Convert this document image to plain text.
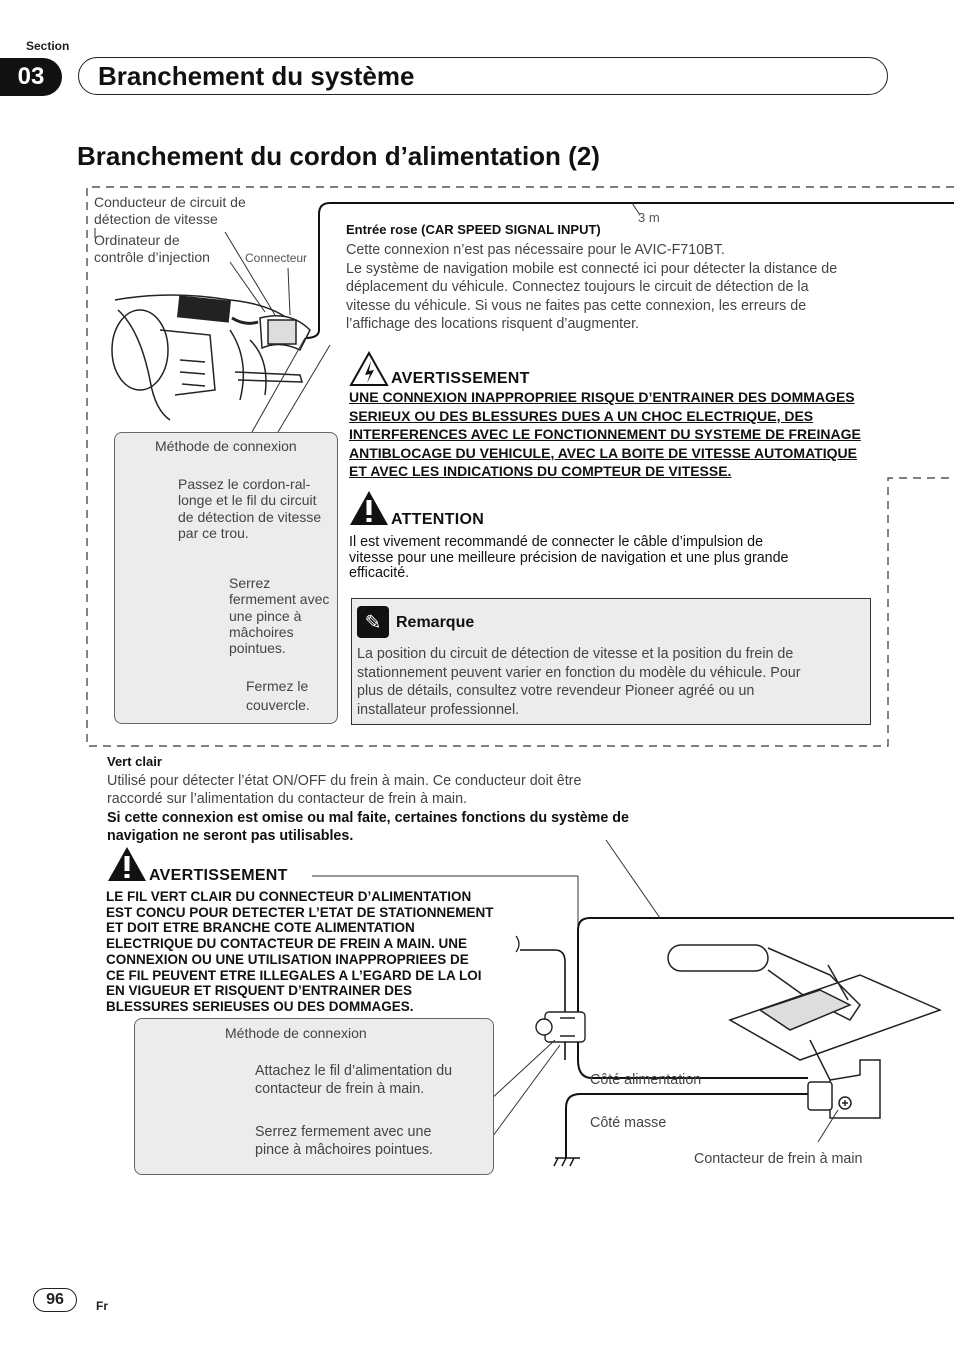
Section
03	Branchement du système
Branchement du cordon d’alimentation (2)
Conducteur de circuit de
détection de vitesse
Ordinateur de
contrôle d’injection	Connecteur
3 m
Méthode de connexion
Passez le cordon-ral-
longe et le fil du circuit
de détection de vitesse
par ce trou.
Serrez
fermement avec
une pince à
mâchoires
pointues.
Fermez le
couvercle.
Entrée rose (CAR SPEED SIGNAL INPUT)
Cette connexion n’est pas nécessaire pour le AVIC-F710BT.
Le système de navigation mobile est connecté ici pour détecter la distance de
déplacement du véhicule. Connectez toujours le circuit de détection de la
vitesse du véhicule. Si vous ne faites pas cette connexion, les erreurs de
l’affichage des locations risquent d’augmenter.
AVERTISSEMENT
UNE CONNEXION INAPPROPRIEE RISQUE D’ENTRAINER DES DOMMAGES
SERIEUX OU DES BLESSURES DUES A UN CHOC ELECTRIQUE, DES
INTERFERENCES AVEC LE FONCTIONNEMENT DU SYSTEME DE FREINAGE
ANTIBLOCAGE DU VEHICULE, AVEC LA BOITE DE VITESSE AUTOMATIQUE
ET AVEC LES INDICATIONS DU COMPTEUR DE VITESSE.
ATTENTION
Il est vivement recommandé de connecter le câble d’impulsion de
vitesse pour une meilleure précision de navigation et une plus grande
efficacité.
✎ Remarque
La position du circuit de détection de vitesse et la position du frein de
stationnement peuvent varier en fonction du modèle du véhicule. Pour
plus de détails, consultez votre revendeur Pioneer agréé ou un
installateur professionnel.
Vert clair
Utilisé pour détecter l’état ON/OFF du frein à main. Ce conducteur doit être
raccordé sur l’alimentation du contacteur de frein à main.
Si cette connexion est omise ou mal faite, certaines fonctions du système de
navigation ne seront pas utilisables.
AVERTISSEMENT
LE FIL VERT CLAIR DU CONNECTEUR D’ALIMENTATION
EST CONCU POUR DETECTER L’ETAT DE STATIONNEMENT
ET DOIT ETRE BRANCHE COTE ALIMENTATION
ELECTRIQUE DU CONTACTEUR DE FREIN A MAIN. UNE
CONNEXION OU UNE UTILISATION INAPPROPRIEES DE
CE FIL PEUVENT ETRE ILLEGALES A L’EGARD DE LA LOI
EN VIGUEUR ET RISQUENT D’ENTRAINER DES
BLESSURES SERIEUSES OU DES DOMMAGES.
Méthode de connexion
Attachez le fil d’alimentation du
contacteur de frein à main.
Serrez fermement avec une
pince à mâchoires pointues.
Côté alimentation
Côté masse
Contacteur de frein à main
96	Fr
